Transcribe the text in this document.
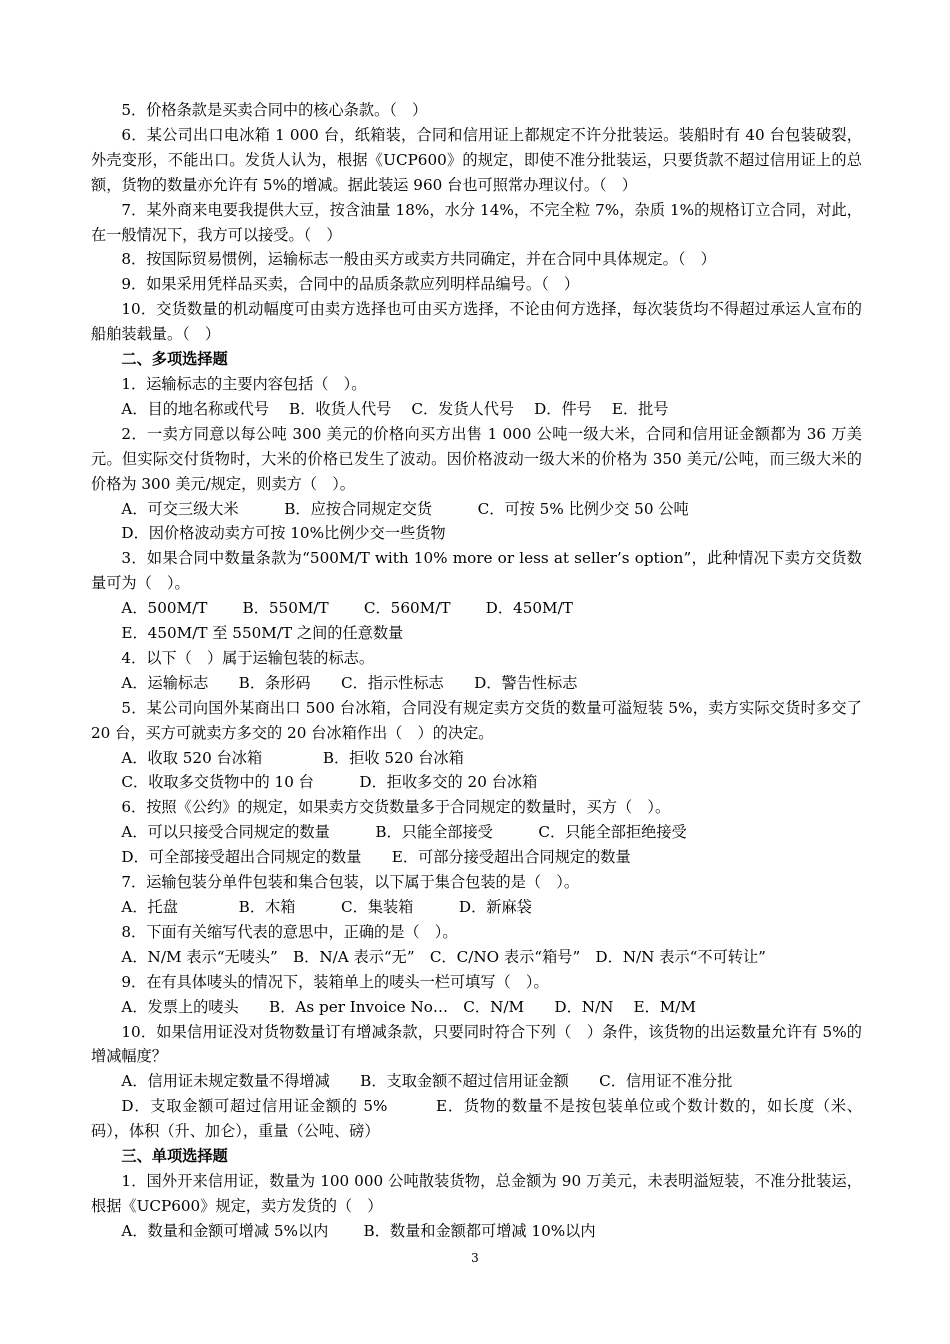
5．价格条款是买卖合同中的核心条款。（　）

6．某公司出口电冰箱 1 000 台，纸箱装，合同和信用证上都规定不许分批装运。装船时有 40 台包装破裂，外壳变形，不能出口。发货人认为，根据《UCP600》的规定，即使不准分批装运，只要货款不超过信用证上的总额，货物的数量亦允许有 5%的增减。据此装运 960 台也可照常办理议付。（　）

7．某外商来电要我提供大豆，按含油量 18%，水分 14%，不完全粒 7%，杂质 1%的规格订立合同，对此，在一般情况下，我方可以接受。（　）

8．按国际贸易惯例，运输标志一般由买方或卖方共同确定，并在合同中具体规定。（　）

9．如果采用凭样品买卖，合同中的品质条款应列明样品编号。（　）

10．交货数量的机动幅度可由卖方选择也可由买方选择，不论由何方选择，每次装货均不得超过承运人宣布的船舶装载量。（　）

二、多项选择题

1．运输标志的主要内容包括（　）。

A．目的地名称或代号　 B．收货人代号　 C．发货人代号　 D．件号　 E．批号

2．一卖方同意以每公吨 300 美元的价格向买方出售 1 000 公吨一级大米，合同和信用证金额都为 36 万美元。但实际交付货物时，大米的价格已发生了波动。因价格波动一级大米的价格为 350 美元/公吨，而三级大米的价格为 300 美元/规定，则卖方（　）。

A．可交三级大米　　　B．应按合同规定交货　　　C．可按 5% 比例少交 50 公吨

D．因价格波动卖方可按 10%比例少交一些货物

3．如果合同中数量条款为“500M/T with 10% more or less at seller’s option”，此种情况下卖方交货数量可为（　）。

A．500M/T　　 B．550M/T　　 C．560M/T　　 D．450M/T

E．450M/T 至 550M/T 之间的任意数量

4．以下（　）属于运输包装的标志。

A．运输标志　　B．条形码　　C．指示性标志　　D．警告性标志

5．某公司向国外某商出口 500 台冰箱，合同没有规定卖方交货的数量可溢短装 5%，卖方实际交货时多交了 20 台，买方可就卖方多交的 20 台冰箱作出（　）的决定。

A．收取 520 台冰箱　　　　B．拒收 520 台冰箱

C．收取多交货物中的 10 台　　　D．拒收多交的 20 台冰箱

6．按照《公约》的规定，如果卖方交货数量多于合同规定的数量时，买方（　）。

A．可以只接受合同规定的数量　　　B．只能全部接受　　　C．只能全部拒绝接受

D．可全部接受超出合同规定的数量　　E．可部分接受超出合同规定的数量

7．运输包装分单件包装和集合包装，以下属于集合包装的是（　）。

A．托盘　　　　B．木箱　　　C．集装箱　　　D．新麻袋

8．下面有关缩写代表的意思中，正确的是（　）。

A．N/M 表示“无唛头”　B．N/A 表示“无”　C．C/NO 表示“箱号”　D．N/N 表示“不可转让”

9．在有具体唛头的情况下，装箱单上的唛头一栏可填写（　）。

A．发票上的唛头　　B．As per Invoice No…　C．N/M　　D．N/N　 E．M/M

10．如果信用证没对货物数量订有增减条款，只要同时符合下列（　）条件，该货物的出运数量允许有 5%的增减幅度？

A．信用证未规定数量不得增减　　B．支取金额不超过信用证金额　　C．信用证不准分批

D．支取金额可超过信用证金额的 5%　　　E．货物的数量不是按包装单位或个数计数的，如长度（米、码），体积（升、加仑），重量（公吨、磅）

三、单项选择题

1．国外开来信用证，数量为 100 000 公吨散装货物，总金额为 90 万美元，未表明溢短装，不准分批装运，根据《UCP600》规定，卖方发货的（　）

A．数量和金额可增减 5%以内　　 B．数量和金额都可增减 10%以内

3
